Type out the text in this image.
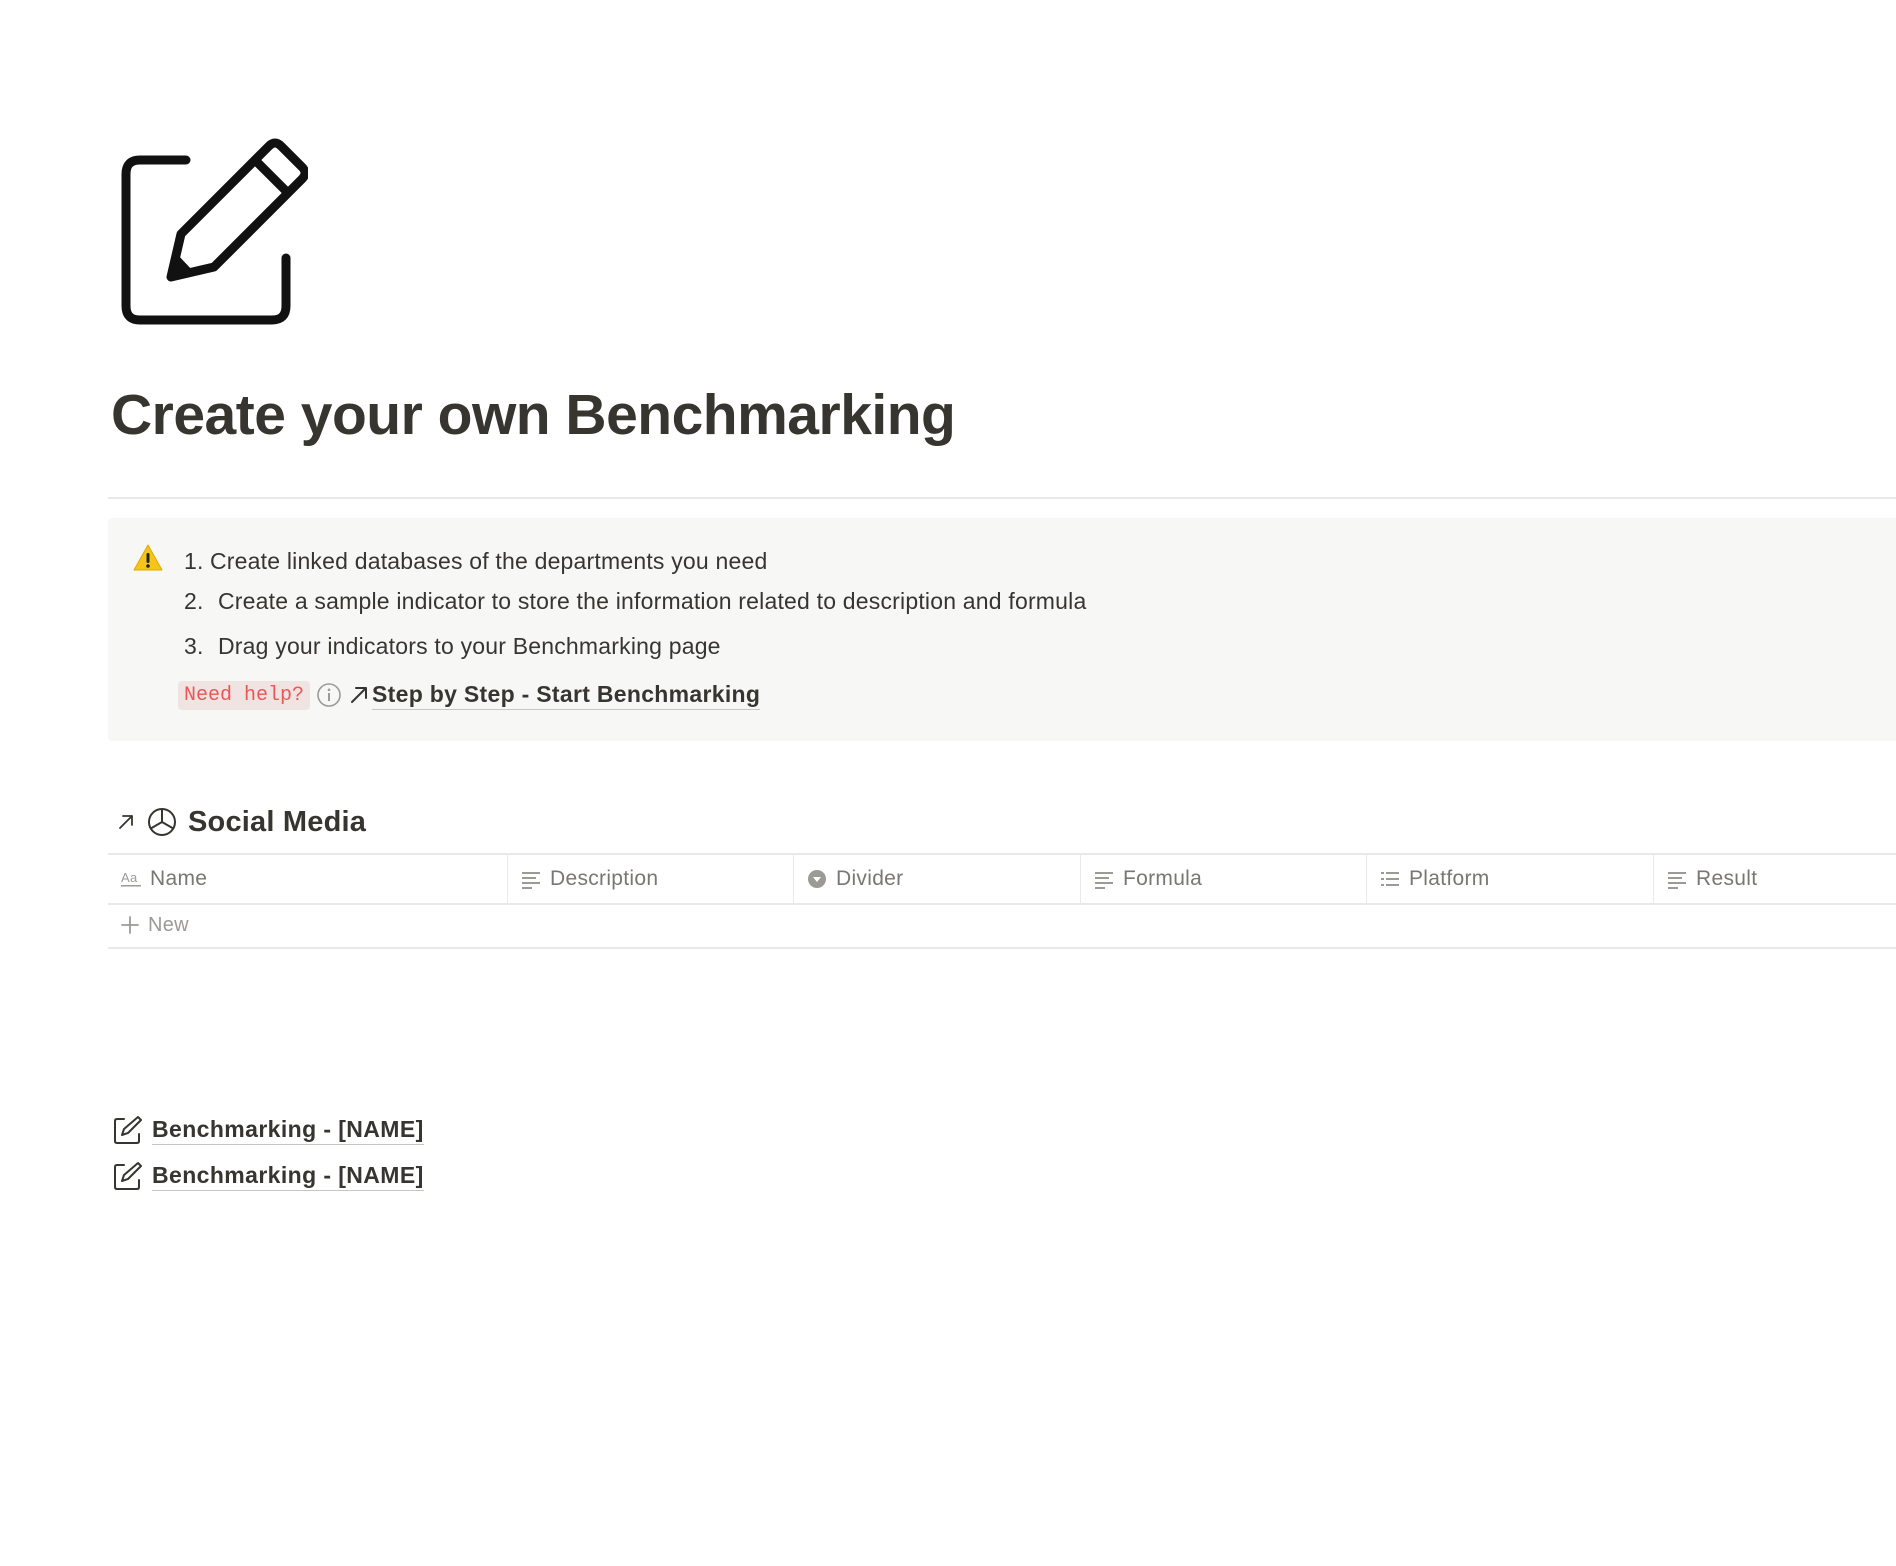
Create your own Benchmarking
1. Create linked databases of the departments you need
2. Create a sample indicator to store the information related to description and formula
3. Drag your indicators to your Benchmarking page
Need help?	Step by Step - Start Benchmarking
Social Media
Aa Name	Description	Divider	Formula	Platform	Result
New
Benchmarking - [NAME]
Benchmarking - [NAME]
